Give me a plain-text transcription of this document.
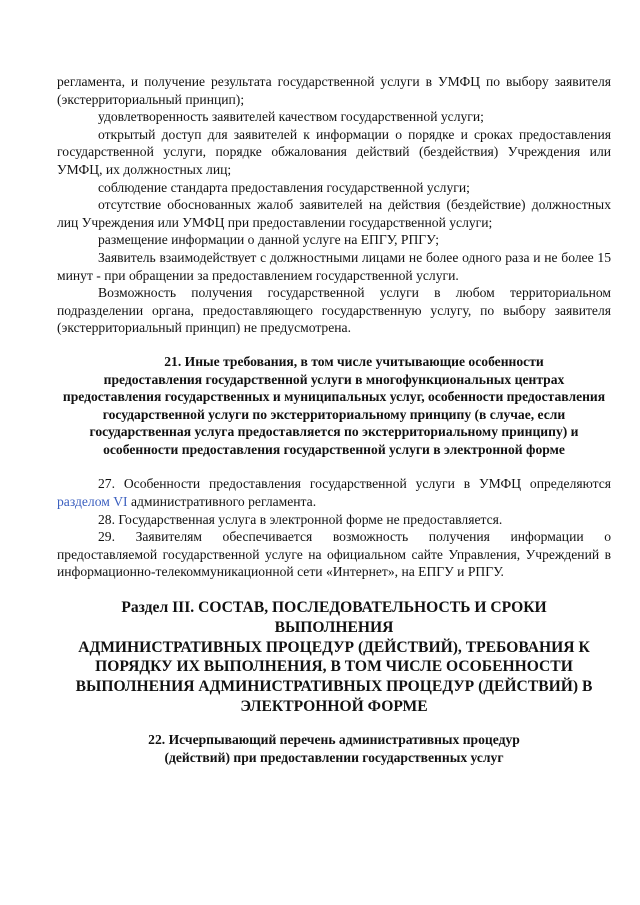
регламента, и получение результата государственной услуги в УМФЦ по выбору заявителя (экстерриториальный принцип);

удовлетворенность заявителей качеством государственной услуги;

открытый доступ для заявителей к информации о порядке и сроках предоставления государственной услуги, порядке обжалования действий (бездействия) Учреждения или УМФЦ, их должностных лиц;

соблюдение стандарта предоставления государственной услуги;

отсутствие обоснованных жалоб заявителей на действия (бездействие) должностных лиц Учреждения или УМФЦ при предоставлении государственной услуги;

размещение информации о данной услуге на ЕПГУ, РПГУ;

Заявитель взаимодействует с должностными лицами не более одного раза и не более 15 минут - при обращении за предоставлением государственной услуги.

Возможность получения государственной услуги в любом территориальном подразделении органа, предоставляющего государственную услугу, по выбору заявителя (экстерриториальный принцип) не предусмотрена.

21. Иные требования, в том числе учитывающие особенности
предоставления государственной услуги в многофункциональных центрах предоставления государственных и муниципальных услуг, особенности предоставления государственной услуги по экстерриториальному принципу (в случае, если государственная услуга предоставляется по экстерриториальному принципу) и особенности предоставления государственной услуги в электронной форме

27. Особенности предоставления государственной услуги в УМФЦ определяются разделом VI административного регламента.

28. Государственная услуга в электронной форме не предоставляется.

29. Заявителям обеспечивается возможность получения информации о предоставляемой государственной услуге на официальном сайте Управления, Учреждений в информационно-телекоммуникационной сети «Интернет», на ЕПГУ и РПГУ.

Раздел III. СОСТАВ, ПОСЛЕДОВАТЕЛЬНОСТЬ И СРОКИ
ВЫПОЛНЕНИЯ
АДМИНИСТРАТИВНЫХ ПРОЦЕДУР (ДЕЙСТВИЙ), ТРЕБОВАНИЯ К
ПОРЯДКУ ИХ ВЫПОЛНЕНИЯ, В ТОМ ЧИСЛЕ ОСОБЕННОСТИ
ВЫПОЛНЕНИЯ АДМИНИСТРАТИВНЫХ ПРОЦЕДУР (ДЕЙСТВИЙ) В
ЭЛЕКТРОННОЙ ФОРМЕ
22. Исчерпывающий перечень административных процедур
(действий) при предоставлении государственных услуг
